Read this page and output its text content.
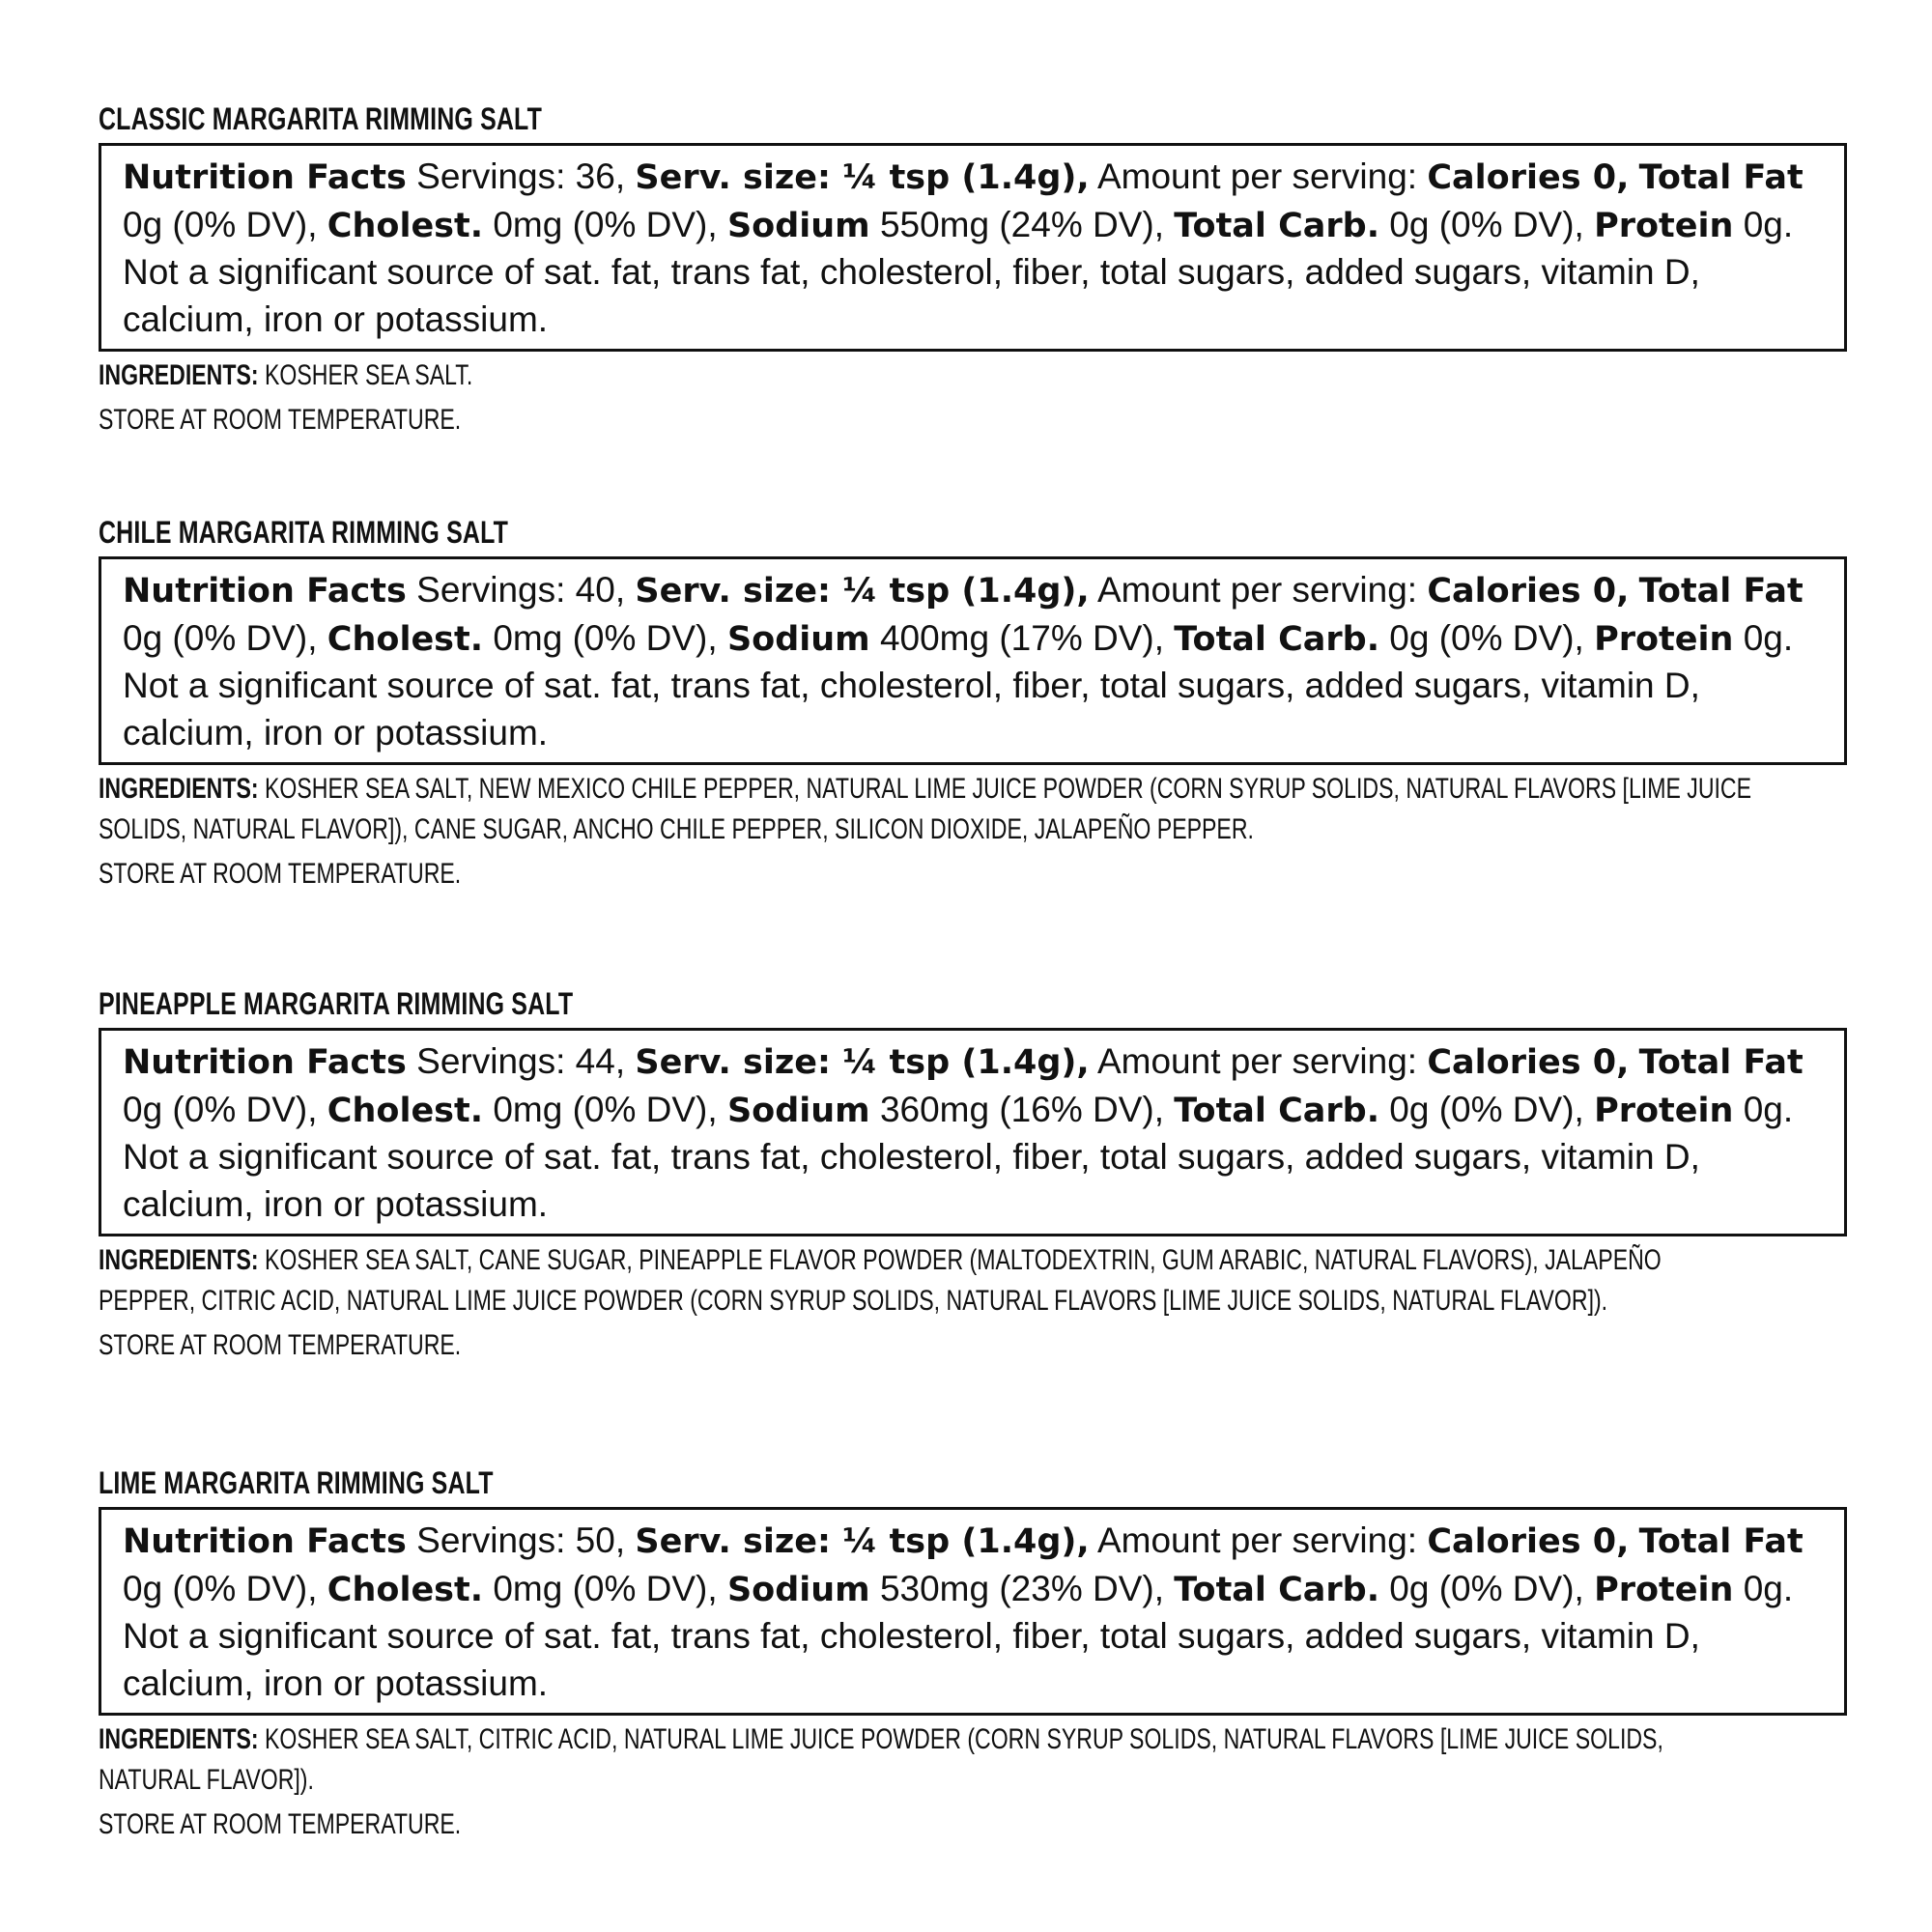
CLASSIC MARGARITA RIMMING SALT
Nutrition Facts Servings: 36, Serv. size: ¼ tsp (1.4g), Amount per serving: Calories 0, Total Fat 0g (0% DV), Cholest. 0mg (0% DV), Sodium 550mg (24% DV), Total Carb. 0g (0% DV), Protein 0g. Not a significant source of sat. fat, trans fat, cholesterol, fiber, total sugars, added sugars, vitamin D, calcium, iron or potassium.
INGREDIENTS: KOSHER SEA SALT.
STORE AT ROOM TEMPERATURE.
CHILE MARGARITA RIMMING SALT
Nutrition Facts Servings: 40, Serv. size: ¼ tsp (1.4g), Amount per serving: Calories 0, Total Fat 0g (0% DV), Cholest. 0mg (0% DV), Sodium 400mg (17% DV), Total Carb. 0g (0% DV), Protein 0g. Not a significant source of sat. fat, trans fat, cholesterol, fiber, total sugars, added sugars, vitamin D, calcium, iron or potassium.
INGREDIENTS: KOSHER SEA SALT, NEW MEXICO CHILE PEPPER, NATURAL LIME JUICE POWDER (CORN SYRUP SOLIDS, NATURAL FLAVORS [LIME JUICE
SOLIDS, NATURAL FLAVOR]), CANE SUGAR, ANCHO CHILE PEPPER, SILICON DIOXIDE, JALAPEÑO PEPPER.
STORE AT ROOM TEMPERATURE.
PINEAPPLE MARGARITA RIMMING SALT
Nutrition Facts Servings: 44, Serv. size: ¼ tsp (1.4g), Amount per serving: Calories 0, Total Fat 0g (0% DV), Cholest. 0mg (0% DV), Sodium 360mg (16% DV), Total Carb. 0g (0% DV), Protein 0g. Not a significant source of sat. fat, trans fat, cholesterol, fiber, total sugars, added sugars, vitamin D, calcium, iron or potassium.
INGREDIENTS: KOSHER SEA SALT, CANE SUGAR, PINEAPPLE FLAVOR POWDER (MALTODEXTRIN, GUM ARABIC, NATURAL FLAVORS), JALAPEÑO
PEPPER, CITRIC ACID, NATURAL LIME JUICE POWDER (CORN SYRUP SOLIDS, NATURAL FLAVORS [LIME JUICE SOLIDS, NATURAL FLAVOR]).
STORE AT ROOM TEMPERATURE.
LIME MARGARITA RIMMING SALT
Nutrition Facts Servings: 50, Serv. size: ¼ tsp (1.4g), Amount per serving: Calories 0, Total Fat 0g (0% DV), Cholest. 0mg (0% DV), Sodium 530mg (23% DV), Total Carb. 0g (0% DV), Protein 0g. Not a significant source of sat. fat, trans fat, cholesterol, fiber, total sugars, added sugars, vitamin D, calcium, iron or potassium.
INGREDIENTS: KOSHER SEA SALT, CITRIC ACID, NATURAL LIME JUICE POWDER (CORN SYRUP SOLIDS, NATURAL FLAVORS [LIME JUICE SOLIDS,
NATURAL FLAVOR]).
STORE AT ROOM TEMPERATURE.
